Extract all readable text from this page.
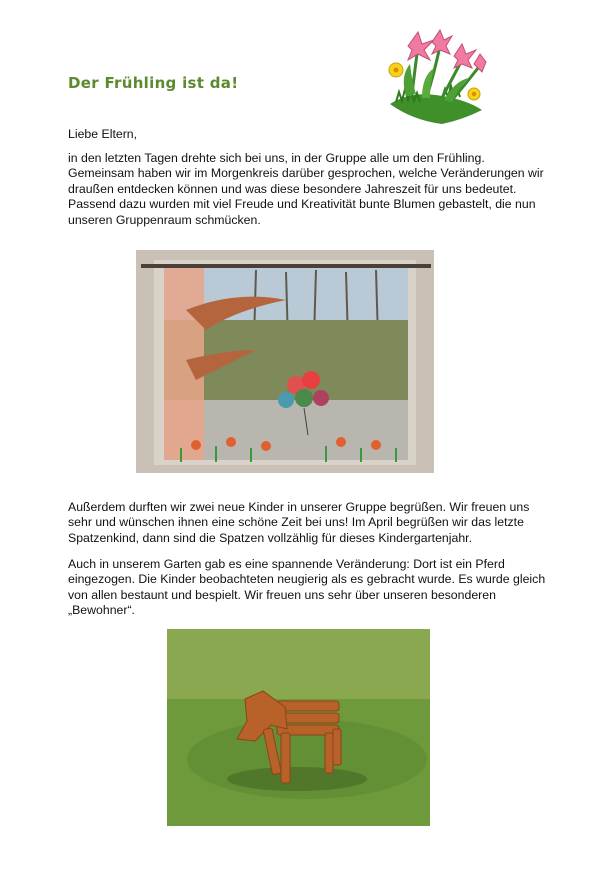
Der Frühling ist da!

Liebe Eltern,

in den letzten Tagen drehte sich bei uns, in der Gruppe alle um den Frühling. Gemeinsam haben wir im Morgenkreis darüber gesprochen, welche Veränderungen wir draußen entdecken können und was diese besondere Jahreszeit für uns bedeutet. Passend dazu wurden mit viel Freude und Kreativität bunte Blumen gebastelt, die nun unseren Gruppenraum schmücken.

Außerdem durften wir zwei neue Kinder in unserer Gruppe begrüßen. Wir freuen uns sehr und wünschen ihnen eine schöne Zeit bei uns! Im April begrüßen wir das letzte Spatzenkind, dann sind die Spatzen vollzählig für dieses Kindergartenjahr.

Auch in unserem Garten gab es eine spannende Veränderung: Dort ist ein Pferd eingezogen. Die Kinder beobachteten neugierig als es gebracht wurde. Es wurde gleich von allen bestaunt und bespielt. Wir freuen uns sehr über unseren besonderen „Bewohner“.
